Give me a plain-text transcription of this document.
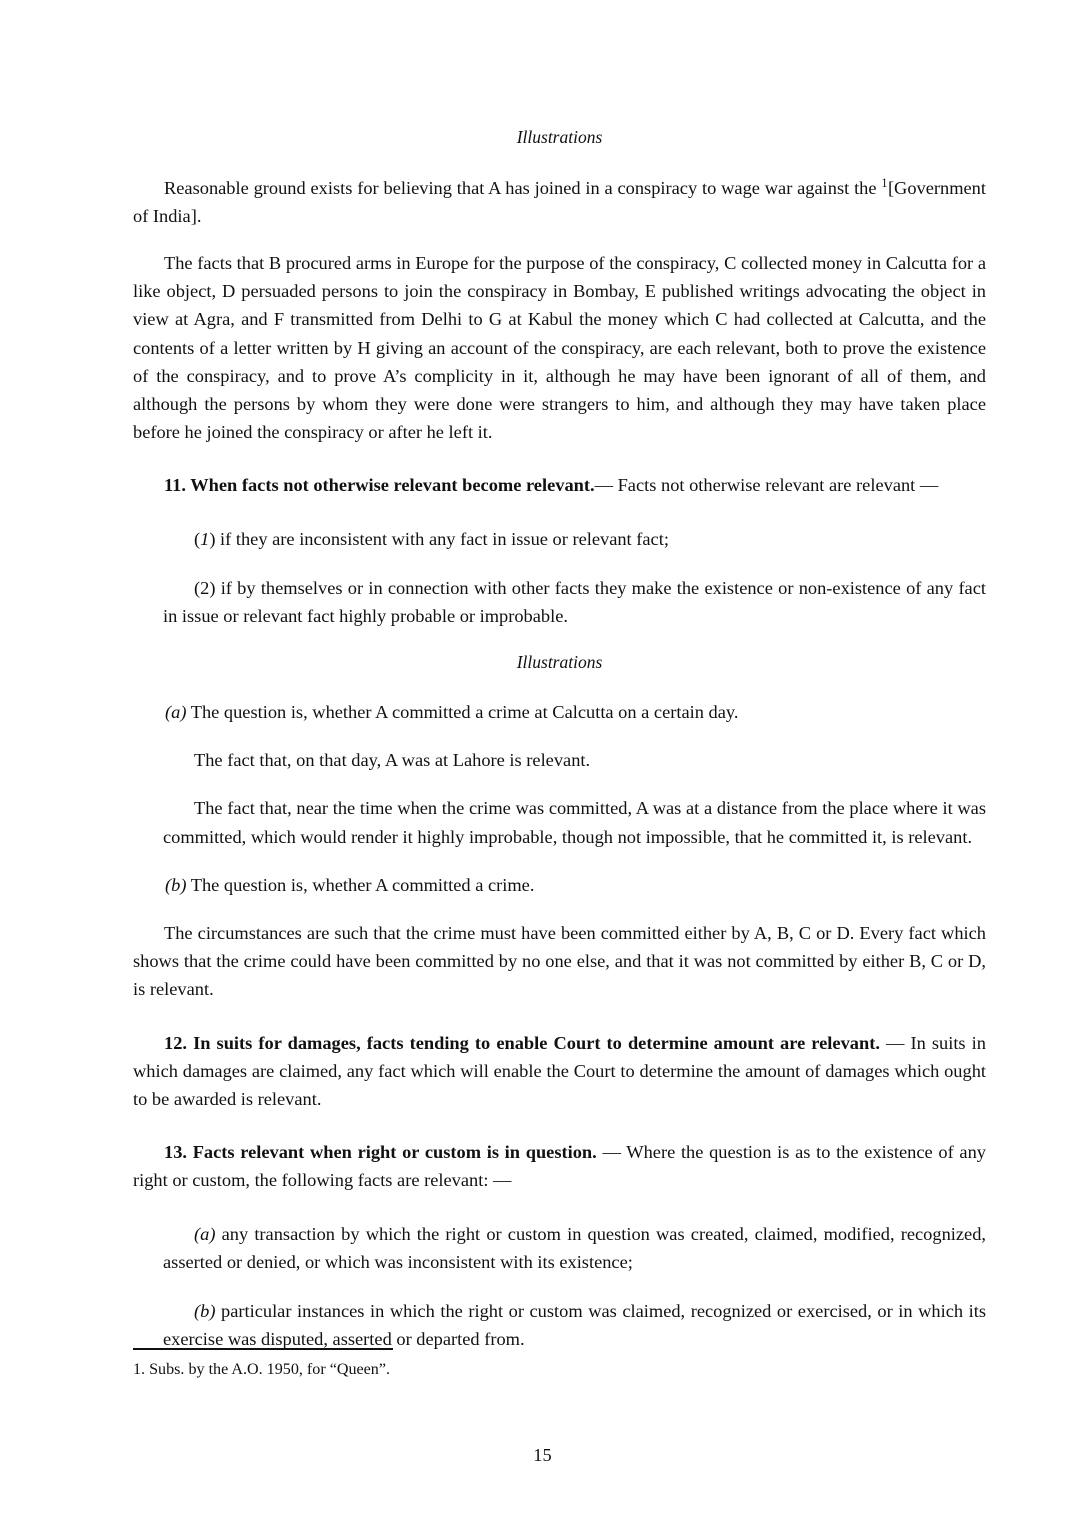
Illustrations

Reasonable ground exists for believing that A has joined in a conspiracy to wage war against the $^1$[Government of India].

The facts that B procured arms in Europe for the purpose of the conspiracy, C collected money in Calcutta for a like object, D persuaded persons to join the conspiracy in Bombay, E published writings advocating the object in view at Agra, and F transmitted from Delhi to G at Kabul the money which C had collected at Calcutta, and the contents of a letter written by H giving an account of the conspiracy, are each relevant, both to prove the existence of the conspiracy, and to prove A’s complicity in it, although he may have been ignorant of all of them, and although the persons by whom they were done were strangers to him, and although they may have taken place before he joined the conspiracy or after he left it.

11. When facts not otherwise relevant become relevant.— Facts not otherwise relevant are relevant —

(1) if they are inconsistent with any fact in issue or relevant fact;

(2) if by themselves or in connection with other facts they make the existence or non-existence of any fact in issue or relevant fact highly probable or improbable.

Illustrations

(a) The question is, whether A committed a crime at Calcutta on a certain day.

The fact that, on that day, A was at Lahore is relevant.

The fact that, near the time when the crime was committed, A was at a distance from the place where it was committed, which would render it highly improbable, though not impossible, that he committed it, is relevant.

(b) The question is, whether A committed a crime.

The circumstances are such that the crime must have been committed either by A, B, C or D. Every fact which shows that the crime could have been committed by no one else, and that it was not committed by either B, C or D, is relevant.

12. In suits for damages, facts tending to enable Court to determine amount are relevant. — In suits in which damages are claimed, any fact which will enable the Court to determine the amount of damages which ought to be awarded is relevant.

13. Facts relevant when right or custom is in question. — Where the question is as to the existence of any right or custom, the following facts are relevant: —

(a) any transaction by which the right or custom in question was created, claimed, modified, recognized, asserted or denied, or which was inconsistent with its existence;

(b) particular instances in which the right or custom was claimed, recognized or exercised, or in which its exercise was disputed, asserted or departed from.

1. Subs. by the A.O. 1950, for “Queen”.

15
